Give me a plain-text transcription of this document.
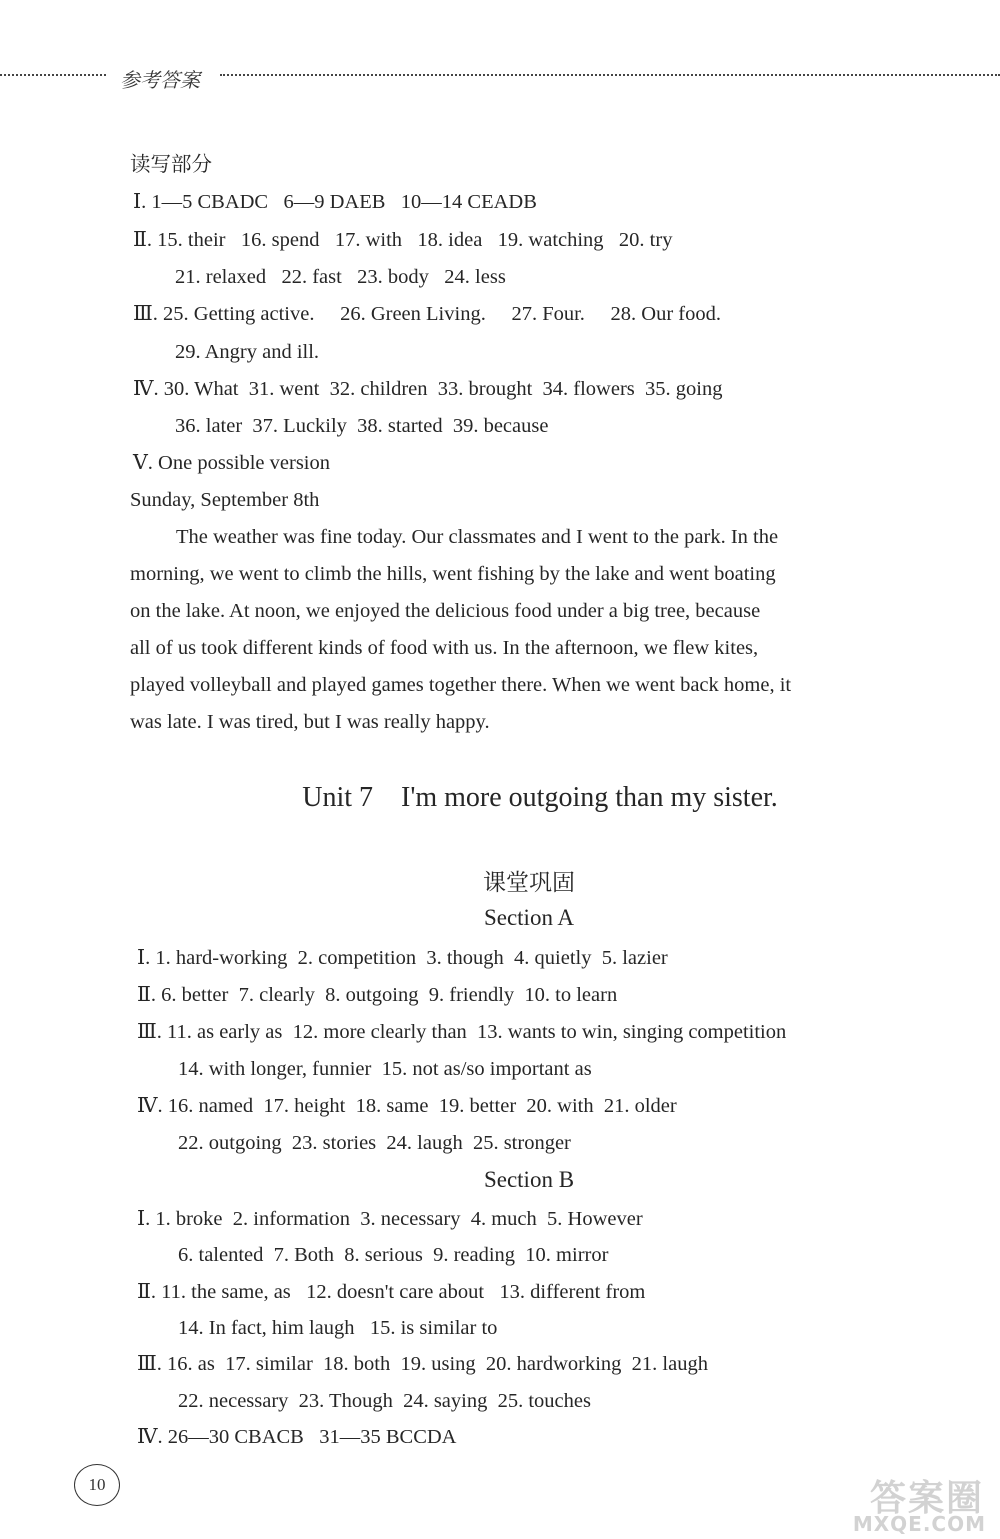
参考答案
读写部分
Ⅰ. 1—5 CBADC   6—9 DAEB   10—14 CEADB
Ⅱ. 15. their   16. spend   17. with   18. idea   19. watching   20. try
21. relaxed   22. fast   23. body   24. less
Ⅲ. 25. Getting active.     26. Green Living.     27. Four.     28. Our food.
29. Angry and ill.
Ⅳ. 30. What  31. went  32. children  33. brought  34. flowers  35. going
36. later  37. Luckily  38. started  39. because
Ⅴ. One possible version
Sunday, September 8th
The weather was fine today. Our classmates and I went to the park. In the
morning, we went to climb the hills, went fishing by the lake and went boating
on the lake. At noon, we enjoyed the delicious food under a big tree, because
all of us took different kinds of food with us. In the afternoon, we flew kites,
played volleyball and played games together there. When we went back home, it
was late. I was tired, but I was really happy.
Unit 7    I'm more outgoing than my sister.
课堂巩固
Section A
Ⅰ. 1. hard-working  2. competition  3. though  4. quietly  5. lazier
Ⅱ. 6. better  7. clearly  8. outgoing  9. friendly  10. to learn
Ⅲ. 11. as early as  12. more clearly than  13. wants to win, singing competition
14. with longer, funnier  15. not as/so important as
Ⅳ. 16. named  17. height  18. same  19. better  20. with  21. older
22. outgoing  23. stories  24. laugh  25. stronger
Section B
Ⅰ. 1. broke  2. information  3. necessary  4. much  5. However
6. talented  7. Both  8. serious  9. reading  10. mirror
Ⅱ. 11. the same, as   12. doesn't care about   13. different from
14. In fact, him laugh   15. is similar to
Ⅲ. 16. as  17. similar  18. both  19. using  20. hardworking  21. laugh
22. necessary  23. Though  24. saying  25. touches
Ⅳ. 26—30 CBACB   31—35 BCCDA
10	答案圈
MXQE.COM
